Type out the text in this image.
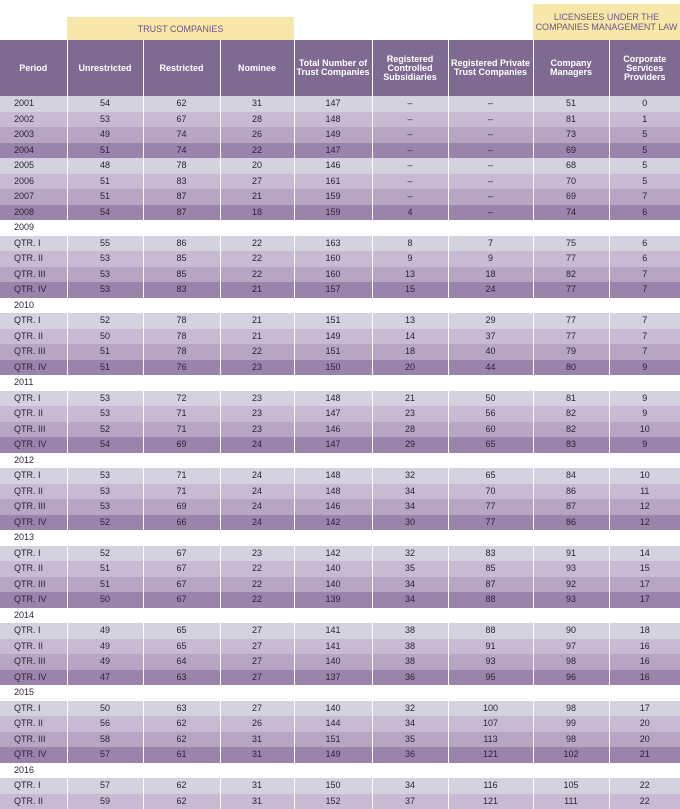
TRUST COMPANIES
LICENSEES UNDER THE COMPANIES MANAGEMENT LAW
Period	Unrestricted	Restricted	Nominee	Total Number of Trust Companies	Registered Controlled Subsidiaries	Registered Private Trust Companies	Company Managers	Corporate Services Providers
2001	54	62	31	147	–	–	51	0
2002	53	67	28	148	–	–	81	1
2003	49	74	26	149	–	–	73	5
2004	51	74	22	147	–	–	69	5
2005	48	78	20	146	–	–	68	5
2006	51	83	27	161	–	–	70	5
2007	51	87	21	159	–	–	69	7
2008	54	87	18	159	4	–	74	6
2009								
QTR. I	55	86	22	163	8	7	75	6
QTR. II	53	85	22	160	9	9	77	6
QTR. III	53	85	22	160	13	18	82	7
QTR. IV	53	83	21	157	15	24	77	7
2010								
QTR. I	52	78	21	151	13	29	77	7
QTR. II	50	78	21	149	14	37	77	7
QTR. III	51	78	22	151	18	40	79	7
QTR. IV	51	76	23	150	20	44	80	9
2011								
QTR. I	53	72	23	148	21	50	81	9
QTR. II	53	71	23	147	23	56	82	9
QTR. III	52	71	23	146	28	60	82	10
QTR. IV	54	69	24	147	29	65	83	9
2012								
QTR. I	53	71	24	148	32	65	84	10
QTR. II	53	71	24	148	34	70	86	11
QTR. III	53	69	24	146	34	77	87	12
QTR. IV	52	66	24	142	30	77	86	12
2013								
QTR. I	52	67	23	142	32	83	91	14
QTR. II	51	67	22	140	35	85	93	15
QTR. III	51	67	22	140	34	87	92	17
QTR. IV	50	67	22	139	34	88	93	17
2014								
QTR. I	49	65	27	141	38	88	90	18
QTR. II	49	65	27	141	38	91	97	16
QTR. III	49	64	27	140	38	93	98	16
QTR. IV	47	63	27	137	36	95	96	16
2015								
QTR. I	50	63	27	140	32	100	98	17
QTR. II	56	62	26	144	34	107	99	20
QTR. III	58	62	31	151	35	113	98	20
QTR. IV	57	61	31	149	36	121	102	21
2016								
QTR. I	57	62	31	150	34	116	105	22
QTR. II	59	62	31	152	37	121	111	22
